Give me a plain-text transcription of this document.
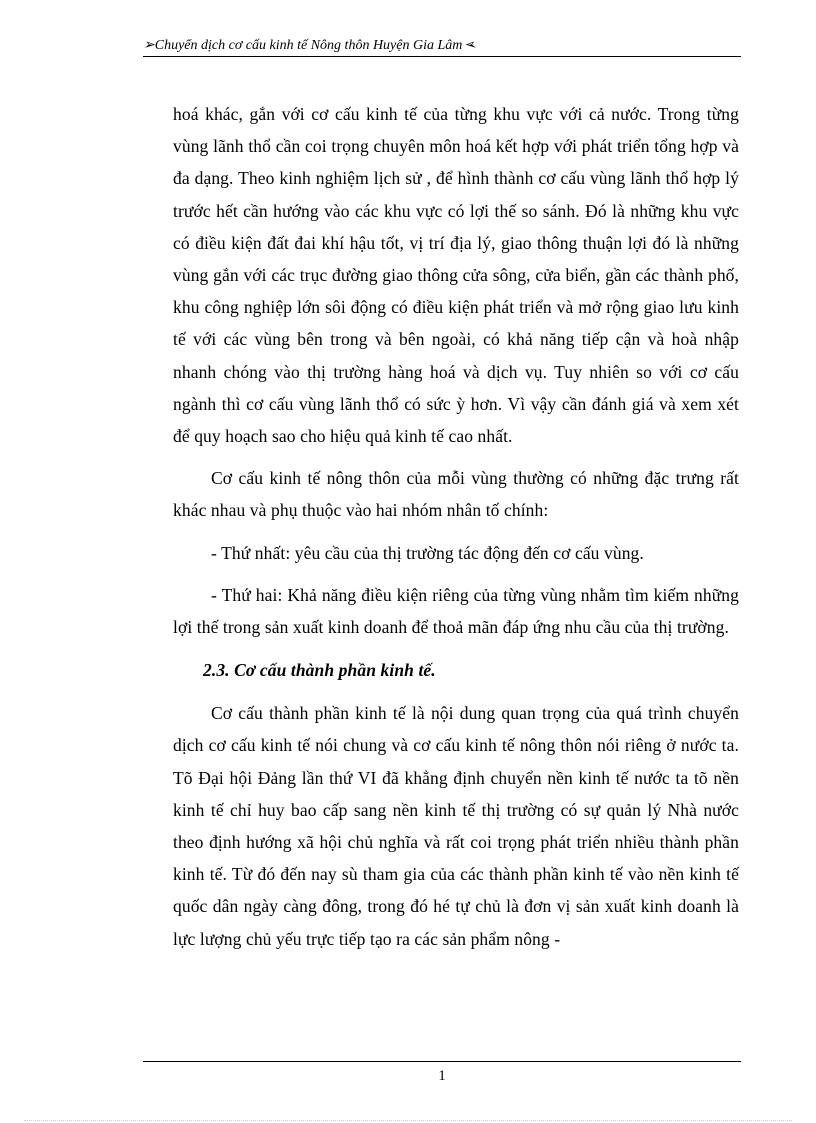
➢Chuyển dịch cơ cấu kinh tế Nông thôn Huyện Gia Lâm ➢

hoá khác, gắn với cơ cấu kinh tế của từng khu vực với cả nước. Trong từng vùng lãnh thổ cần coi trọng chuyên môn hoá kết hợp với phát triển tổng hợp và đa dạng. Theo kinh nghiệm lịch sử , để hình thành cơ cấu vùng lãnh thổ hợp lý trước hết cần hướng vào các khu vực có lợi thế so sánh. Đó là những khu vực có điều kiện đất đai khí hậu tốt, vị trí địa lý, giao thông thuận lợi đó là những vùng gắn với các trục đường giao thông cửa sông, cửa biển, gần các thành phố, khu công nghiệp lớn sôi động có điều kiện phát triển và mở rộng giao lưu kinh tế với các vùng bên trong và bên ngoài, có khả năng tiếp cận và hoà nhập nhanh chóng vào thị trường hàng hoá và dịch vụ. Tuy nhiên so với cơ cấu ngành thì cơ cấu vùng lãnh thổ có sức ỳ hơn. Vì vậy cần đánh giá và xem xét để quy hoạch sao cho hiệu quả kinh tế cao nhất.

Cơ cấu kinh tế nông thôn của mỗi vùng thường có những đặc trưng rất khác nhau và phụ thuộc vào hai nhóm nhân tố chính:

- Thứ nhất: yêu cầu của thị trường tác động đến cơ cấu vùng.

- Thứ hai: Khả năng điều kiện riêng của từng vùng nhằm tìm kiếm những lợi thế trong sản xuất kinh doanh để thoả mãn đáp ứng nhu cầu của thị trường.

2.3. Cơ cấu thành phần kinh tế.

Cơ cấu thành phần kinh tế là nội dung quan trọng của quá trình chuyển dịch cơ cấu kinh tế nói chung và cơ cấu kinh tế nông thôn nói riêng ở nước ta. Tõ Đại hội Đảng lần thứ VI đã khẳng định chuyển nền kinh tế nước ta tõ nền kinh tế chỉ huy bao cấp sang nền kinh tế thị trường có sự quản lý Nhà nước theo định hướng xã hội chủ nghĩa và rất coi trọng phát triển nhiều thành phần kinh tế. Từ đó đến nay sù tham gia của các thành phần kinh tế vào nền kinh tế quốc dân ngày càng đông, trong đó hé tự chủ là đơn vị sản xuất kinh doanh là lực lượng chủ yếu trực tiếp tạo ra các sản phẩm nông -

1
